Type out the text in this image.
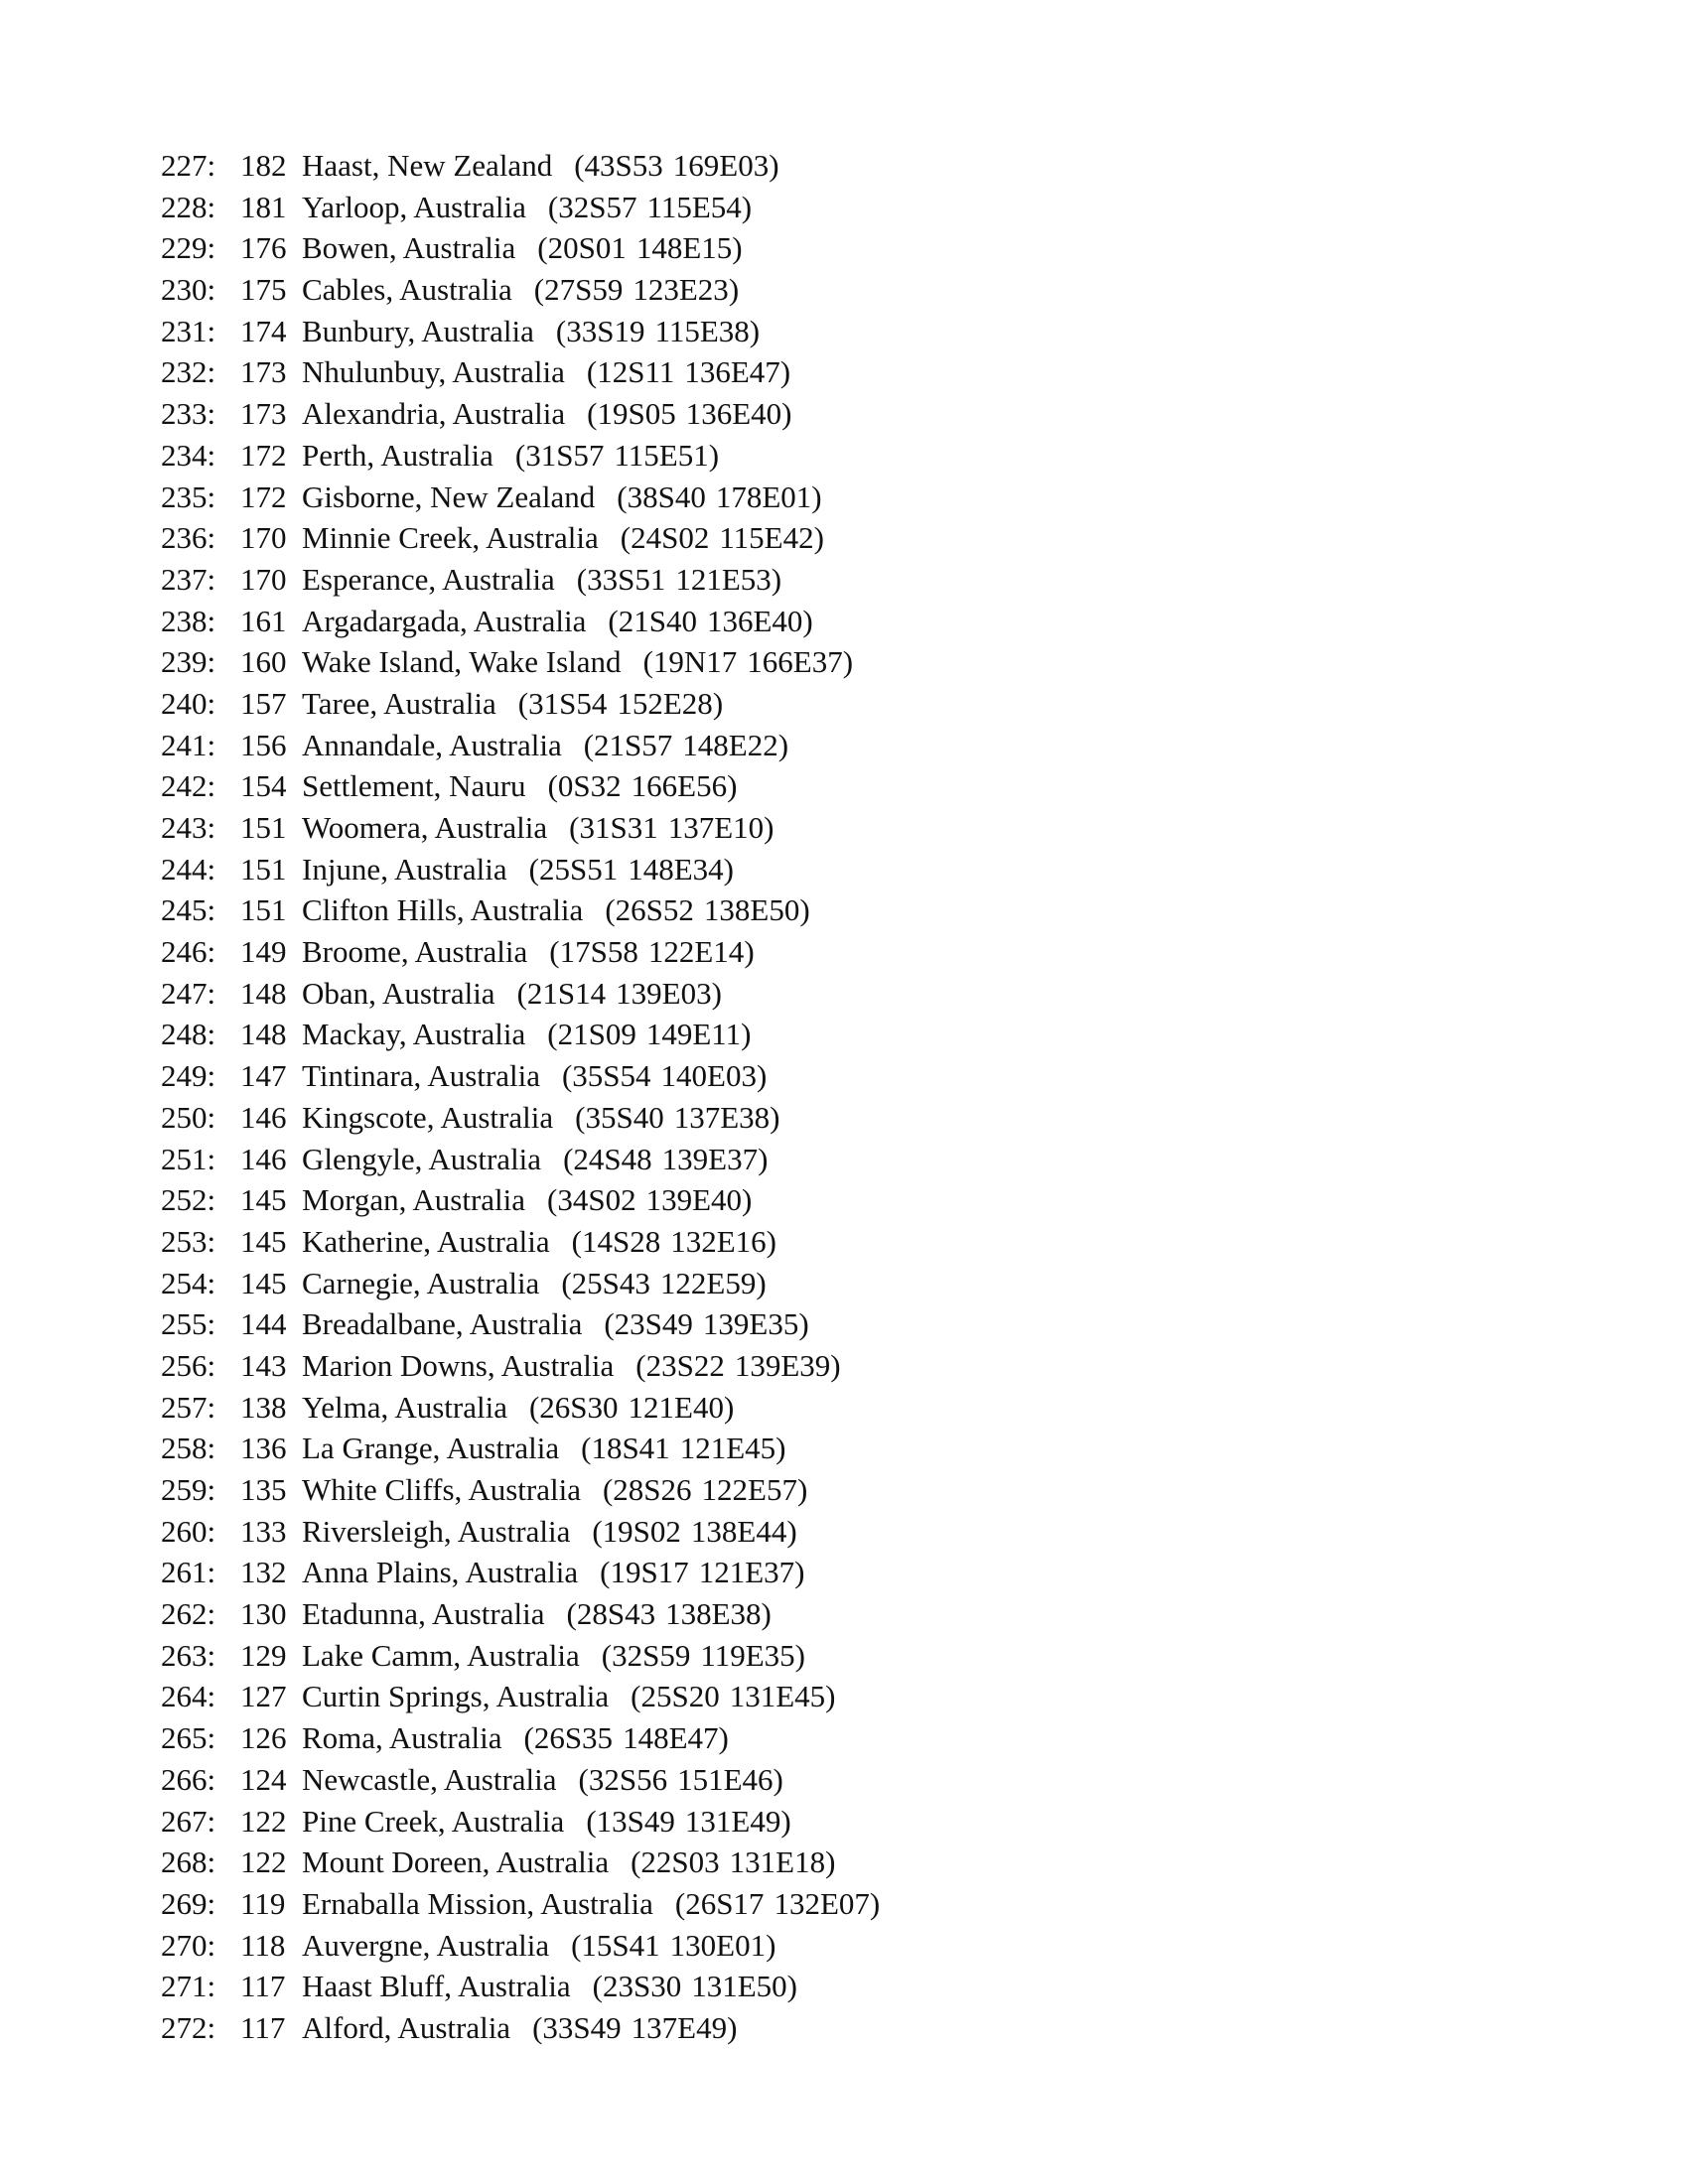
227: 182 Haast, New Zealand (43S53 169E03)
228: 181 Yarloop, Australia (32S57 115E54)
229: 176 Bowen, Australia (20S01 148E15)
230: 175 Cables, Australia (27S59 123E23)
231: 174 Bunbury, Australia (33S19 115E38)
232: 173 Nhulunbuy, Australia (12S11 136E47)
233: 173 Alexandria, Australia (19S05 136E40)
234: 172 Perth, Australia (31S57 115E51)
235: 172 Gisborne, New Zealand (38S40 178E01)
236: 170 Minnie Creek, Australia (24S02 115E42)
237: 170 Esperance, Australia (33S51 121E53)
238: 161 Argadargada, Australia (21S40 136E40)
239: 160 Wake Island, Wake Island (19N17 166E37)
240: 157 Taree, Australia (31S54 152E28)
241: 156 Annandale, Australia (21S57 148E22)
242: 154 Settlement, Nauru (0S32 166E56)
243: 151 Woomera, Australia (31S31 137E10)
244: 151 Injune, Australia (25S51 148E34)
245: 151 Clifton Hills, Australia (26S52 138E50)
246: 149 Broome, Australia (17S58 122E14)
247: 148 Oban, Australia (21S14 139E03)
248: 148 Mackay, Australia (21S09 149E11)
249: 147 Tintinara, Australia (35S54 140E03)
250: 146 Kingscote, Australia (35S40 137E38)
251: 146 Glengyle, Australia (24S48 139E37)
252: 145 Morgan, Australia (34S02 139E40)
253: 145 Katherine, Australia (14S28 132E16)
254: 145 Carnegie, Australia (25S43 122E59)
255: 144 Breadalbane, Australia (23S49 139E35)
256: 143 Marion Downs, Australia (23S22 139E39)
257: 138 Yelma, Australia (26S30 121E40)
258: 136 La Grange, Australia (18S41 121E45)
259: 135 White Cliffs, Australia (28S26 122E57)
260: 133 Riversleigh, Australia (19S02 138E44)
261: 132 Anna Plains, Australia (19S17 121E37)
262: 130 Etadunna, Australia (28S43 138E38)
263: 129 Lake Camm, Australia (32S59 119E35)
264: 127 Curtin Springs, Australia (25S20 131E45)
265: 126 Roma, Australia (26S35 148E47)
266: 124 Newcastle, Australia (32S56 151E46)
267: 122 Pine Creek, Australia (13S49 131E49)
268: 122 Mount Doreen, Australia (22S03 131E18)
269: 119 Ernaballa Mission, Australia (26S17 132E07)
270: 118 Auvergne, Australia (15S41 130E01)
271: 117 Haast Bluff, Australia (23S30 131E50)
272: 117 Alford, Australia (33S49 137E49)
